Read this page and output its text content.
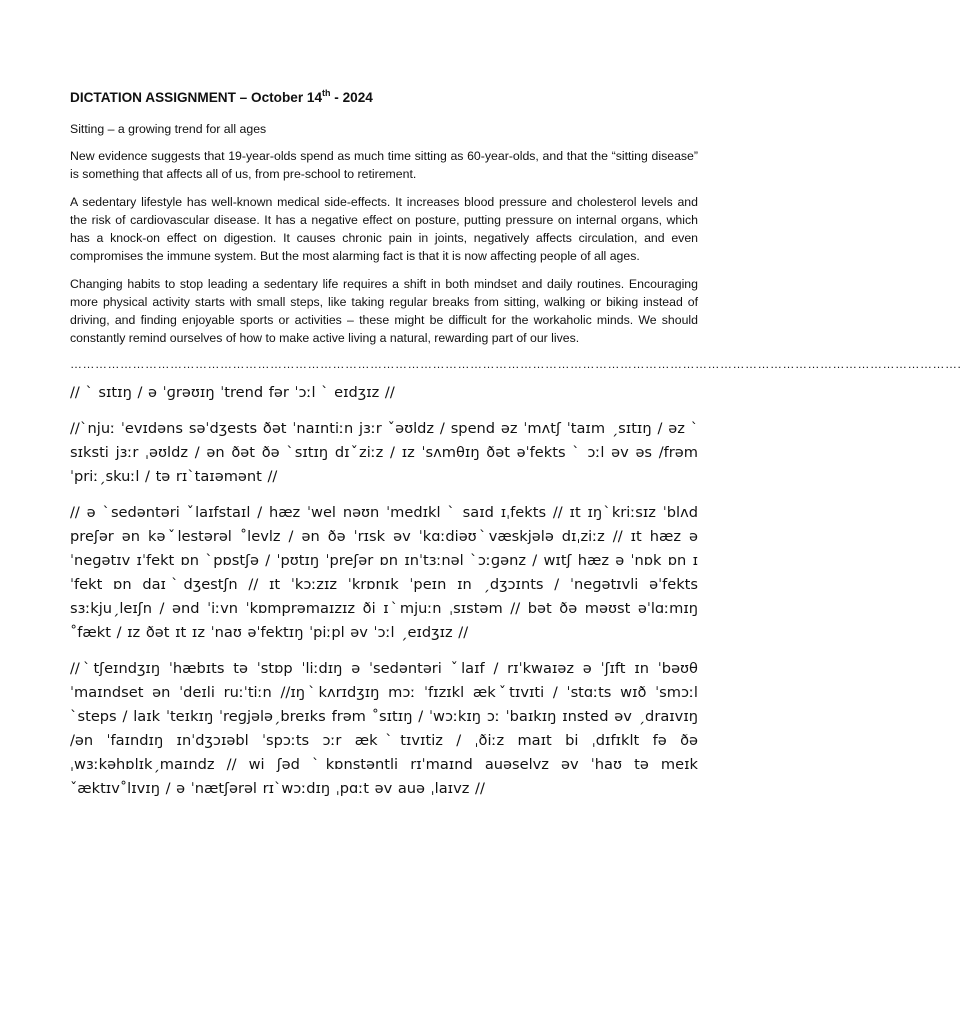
DICTATION ASSIGNMENT – October 14th - 2024
Sitting – a growing trend for all ages

New evidence suggests that 19-year-olds spend as much time sitting as 60-year-olds, and that the “sitting disease” is something that affects all of us, from pre-school to retirement.

A sedentary lifestyle has well-known medical side-effects. It increases blood pressure and cholesterol levels and the risk of cardiovascular disease. It has a negative effect on posture, putting pressure on internal organs, which has a knock-on effect on digestion. It causes chronic pain in joints, negatively affects circulation, and even compromises the immune system. But the most alarming fact is that it is now affecting people of all ages.

Changing habits to stop leading a sedentary life requires a shift in both mindset and daily routines. Encouraging more physical activity starts with small steps, like taking regular breaks from sitting, walking or biking instead of driving, and finding enjoyable sports or activities – these might be difficult for the workaholic minds. We should constantly remind ourselves of how to make active living a natural, rewarding part of our lives.

…………………………………………………………………………………………………………………………………………………………………………………………….

// ˋ sɪtɪŋ / ə ˈɡrəʊɪŋ ˈtrend fər ˈɔːl ˋ eɪdʒɪz //

//ˋnjuː ˈevɪdəns səˈdʒests ðət ˈnaɪntiːn jɜːr ˇəʊldz / spend əz ˈmʌtʃ ˈtaɪm ˏsɪtɪŋ / əz ˋ sɪksti jɜːr ˌəʊldz / ən ðət ðə ˋsɪtɪŋ dɪˇziːz / ɪz ˈsʌmθɪŋ ðət əˈfekts ˋ ɔːl əv əs /frəm ˈpriːˏskuːl / tə rɪˋtaɪəmənt //

// ə ˋsedəntəri ˇlaɪfstaɪl / hæz ˈwel nəʊn ˈmedɪkl ˋ saɪd ɪˌfekts // ɪt ɪŋˋkriːsɪz ˈblʌd preʃər ən kəˇlestərəl ˚levlz / ən ðə ˈrɪsk əv ˈkɑːdiəʊˋvæskjələ dɪˌziːz // ɪt hæz ə ˈneɡətɪv ɪˈfekt ɒn ˋpɒstʃə / ˈpʊtɪŋ ˈpreʃər ɒn ɪnˈtɜːnəl ˋɔːɡənz / wɪtʃ hæz ə ˈnɒk ɒn ɪˈfekt ɒn daɪˋdʒestʃn // ɪt ˈkɔːzɪz ˈkrɒnɪk ˈpeɪn ɪn ˏdʒɔɪnts / ˈneɡətɪvli əˈfekts sɜːkjuˏleɪʃn / ənd ˈiːvn ˈkɒmprəmaɪzɪz ði ɪˋmjuːn ˌsɪstəm // bət ðə məʊst əˈlɑːmɪŋ ˚fækt / ɪz ðət ɪt ɪz ˈnaʊ əˈfektɪŋ ˈpiːpl əv ˈɔːl ˏeɪdʒɪz //

//ˋtʃeɪndʒɪŋ ˈhæbɪts tə ˈstɒp ˈliːdɪŋ ə ˈsedəntəri ˇlaɪf / rɪˈkwaɪəz ə ˈʃɪft ɪn ˈbəʊθ ˈmaɪndset ən ˈdeɪli ruːˈtiːn //ɪŋˋkʌrɪdʒɪŋ mɔː ˈfɪzɪkl ækˇtɪvɪti / ˈstɑːts wɪð ˈsmɔːl ˋsteps / laɪk ˈteɪkɪŋ ˈreɡjələˏbreɪks frəm ˚sɪtɪŋ / ˈwɔːkɪŋ ɔː ˈbaɪkɪŋ ɪnsted əv ˏdraɪvɪŋ /ən ˈfaɪndɪŋ ɪnˈdʒɔɪəbl ˈspɔːts ɔːr ækˋtɪvɪtiz / ˌðiːz maɪt bi ˌdɪfɪklt fə ðə ˌwɜːkəhɒlɪkˏmaɪndz // wi ʃəd ˋkɒnstəntli rɪˈmaɪnd auəselvz əv ˈhaʊ tə meɪk ˇæktɪv˚lɪvɪŋ / ə ˈnætʃərəl rɪˋwɔːdɪŋ ˌpɑːt əv auə ˌlaɪvz //
